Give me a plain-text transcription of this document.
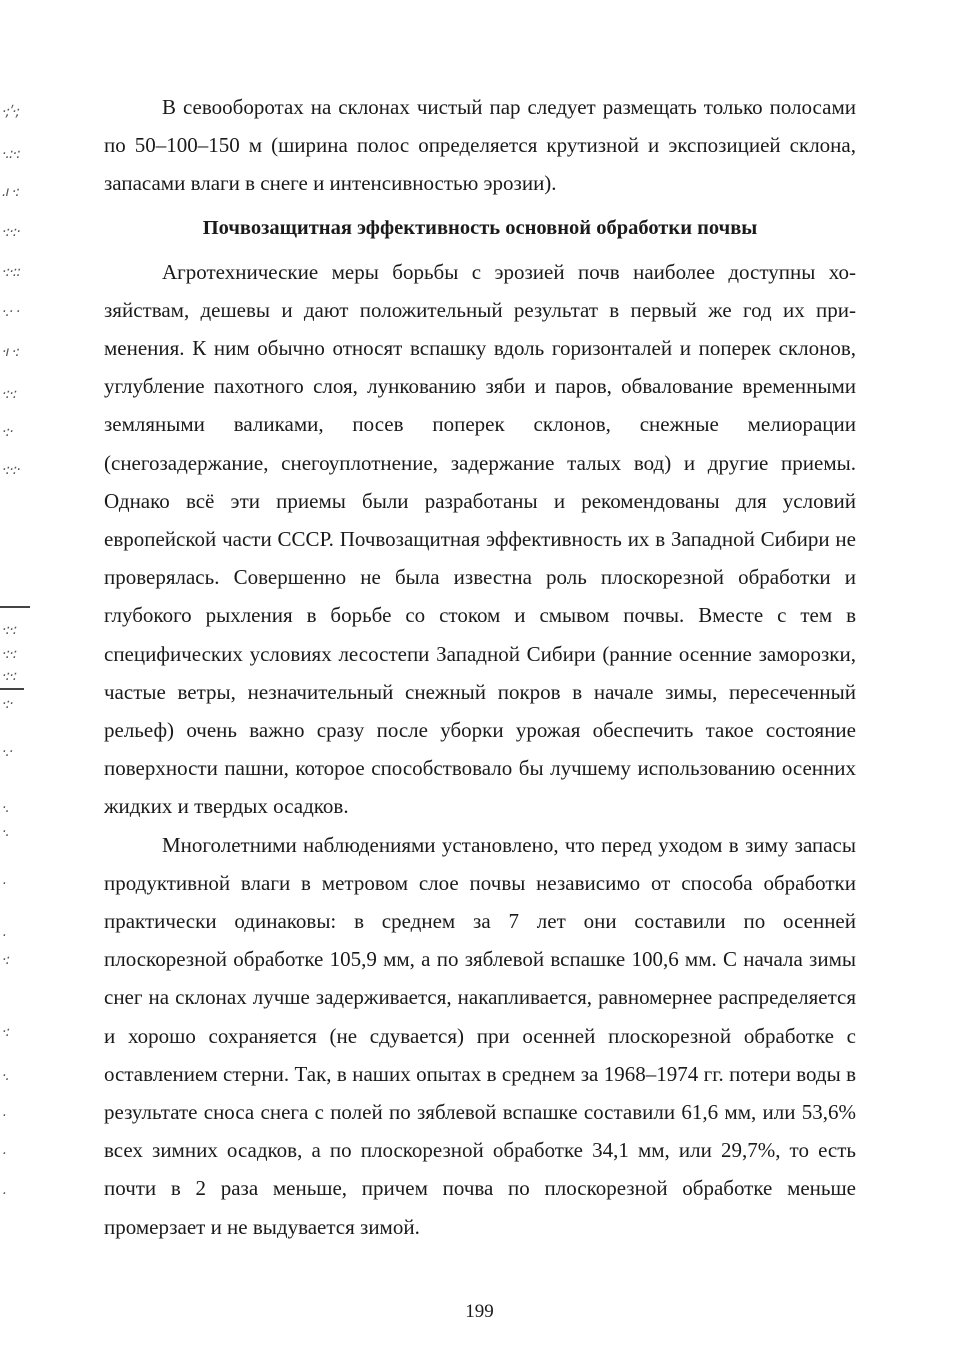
·;ʹ·;
·.:·:
.ı ·:
·:·:·
·:·::
·.· ·
·ı ·:
·:·:
·:·
·:·:·
·:·:
·:·:
·:·:
·:·
·.·
·.
·.
·
·
·:
·:
·.
·
·
·

В севооборотах на склонах чистый пар следует размещать только полосами по 50–100–150 м (ширина полос определяется крутизной и экспозицией склона, запасами влаги в снеге и интенсивностью эрозии).

Почвозащитная эффективность основной обработки почвы

Агротехнические меры борьбы с эрозией почв наиболее доступны хозяйствам, дешевы и дают положительный результат в первый же год их применения. К ним обычно относят вспашку вдоль горизонталей и поперек склонов, углубление пахотного слоя, лункованию зяби и паров, обвалование временными земляными валиками, посев поперек склонов, снежные мелиорации (снегозадержание, снегоуплотнение, задержание талых вод) и другие приемы. Однако всё эти приемы были разработаны и рекомендованы для условий европейской части СССР. Почвозащитная эффективность их в Западной Сибири не проверялась. Совершенно не была известна роль плоскорезной обработки и глубокого рыхления в борьбе со стоком и смывом почвы. Вместе с тем в специфических условиях лесостепи Западной Сибири (ранние осенние заморозки, частые ветры, незначительный снежный покров в начале зимы, пересеченный рельеф) очень важно сразу после уборки урожая обеспечить такое состояние поверхности пашни, которое способствовало бы лучшему использованию осенних жидких и твердых осадков.

Многолетними наблюдениями установлено, что перед уходом в зиму запасы продуктивной влаги в метровом слое почвы независимо от способа обработки практически одинаковы: в среднем за 7 лет они составили по осенней плоскорезной обработке 105,9 мм, а по зяблевой вспашке 100,6 мм. С начала зимы снег на склонах лучше задерживается, накапливается, равномернее распределяется и хорошо сохраняется (не сдувается) при осенней плоскорезной обработке с оставлением стерни. Так, в наших опытах в среднем за 1968–1974 гг. потери воды в результате сноса снега с полей по зяблевой вспашке составили 61,6 мм, или 53,6% всех зимних осадков, а по плоскорезной обработке 34,1 мм, или 29,7%, то есть почти в 2 раза меньше, причем почва по плоскорезной обработке меньше промерзает и не выдувается зимой.

199
